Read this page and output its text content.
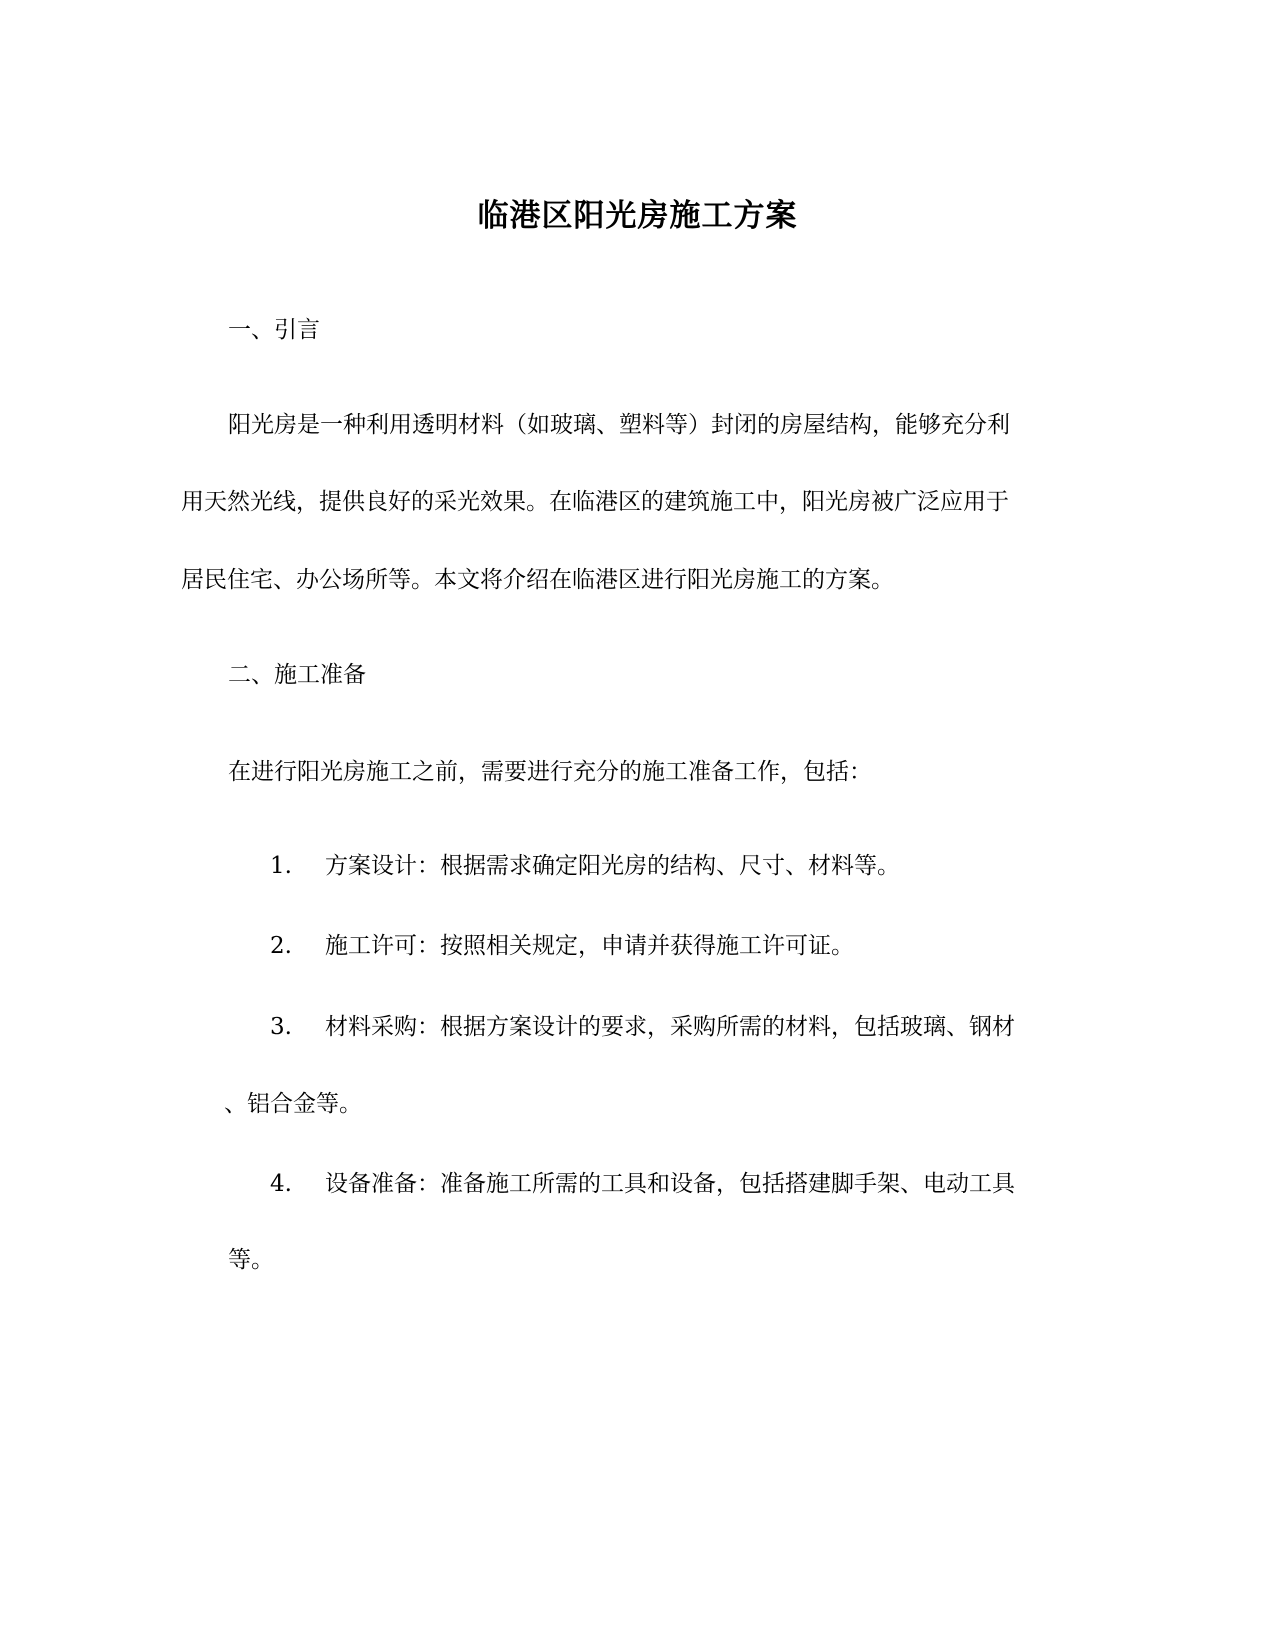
临港区阳光房施工方案
一、引言
阳光房是一种利用透明材料（如玻璃、塑料等）封闭的房屋结构，能够充分利
用天然光线，提供良好的采光效果。在临港区的建筑施工中，阳光房被广泛应用于
居民住宅、办公场所等。本文将介绍在临港区进行阳光房施工的方案。
二、施工准备
在进行阳光房施工之前，需要进行充分的施工准备工作，包括：
1. 方案设计：根据需求确定阳光房的结构、尺寸、材料等。
2. 施工许可：按照相关规定，申请并获得施工许可证。
3. 材料采购：根据方案设计的要求，采购所需的材料，包括玻璃、钢材
、铝合金等。
4. 设备准备：准备施工所需的工具和设备，包括搭建脚手架、电动工具
等。
